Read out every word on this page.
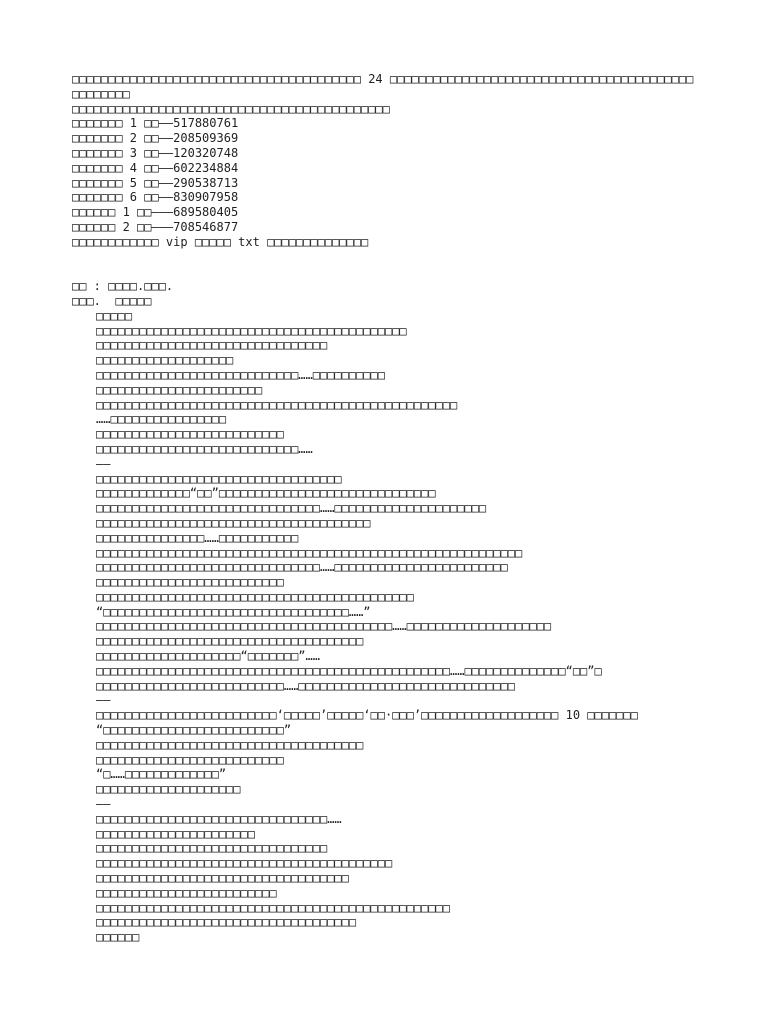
□□□□□□□□□□□□□□□□□□□□□□□□□□□□□□□□□□□□□□□□ 24 □□□□□□□□□□□□□□□□□□□□□□□□□□□□□□□□□□□□□□□□□□
□□□□□□□□
□□□□□□□□□□□□□□□□□□□□□□□□□□□□□□□□□□□□□□□□□□□□
□□□□□□□ 1 □□——517880761
□□□□□□□ 2 □□——208509369
□□□□□□□ 3 □□——120320748
□□□□□□□ 4 □□——602234884
□□□□□□□ 5 □□——290538713
□□□□□□□ 6 □□——830907958
□□□□□□ 1 □□———689580405
□□□□□□ 2 □□———708546877
□□□□□□□□□□□□ vip □□□□□ txt □□□□□□□□□□□□□□
□□ : □□□□.□□□.
□□□.  □□□□□
□□□□□
□□□□□□□□□□□□□□□□□□□□□□□□□□□□□□□□□□□□□□□□□□□
□□□□□□□□□□□□□□□□□□□□□□□□□□□□□□□□
□□□□□□□□□□□□□□□□□□□
□□□□□□□□□□□□□□□□□□□□□□□□□□□□……□□□□□□□□□□
□□□□□□□□□□□□□□□□□□□□□□□
□□□□□□□□□□□□□□□□□□□□□□□□□□□□□□□□□□□□□□□□□□□□□□□□□□
……□□□□□□□□□□□□□□□□
□□□□□□□□□□□□□□□□□□□□□□□□□□
□□□□□□□□□□□□□□□□□□□□□□□□□□□□……
——
□□□□□□□□□□□□□□□□□□□□□□□□□□□□□□□□□□
□□□□□□□□□□□□□“□□”□□□□□□□□□□□□□□□□□□□□□□□□□□□□□□
□□□□□□□□□□□□□□□□□□□□□□□□□□□□□□□……□□□□□□□□□□□□□□□□□□□□□
□□□□□□□□□□□□□□□□□□□□□□□□□□□□□□□□□□□□□□
□□□□□□□□□□□□□□□……□□□□□□□□□□□
□□□□□□□□□□□□□□□□□□□□□□□□□□□□□□□□□□□□□□□□□□□□□□□□□□□□□□□□□□□
□□□□□□□□□□□□□□□□□□□□□□□□□□□□□□□……□□□□□□□□□□□□□□□□□□□□□□□□
□□□□□□□□□□□□□□□□□□□□□□□□□□
□□□□□□□□□□□□□□□□□□□□□□□□□□□□□□□□□□□□□□□□□□□□
“□□□□□□□□□□□□□□□□□□□□□□□□□□□□□□□□□□……”
□□□□□□□□□□□□□□□□□□□□□□□□□□□□□□□□□□□□□□□□□……□□□□□□□□□□□□□□□□□□□□
□□□□□□□□□□□□□□□□□□□□□□□□□□□□□□□□□□□□□
□□□□□□□□□□□□□□□□□□□□“□□□□□□□”……
□□□□□□□□□□□□□□□□□□□□□□□□□□□□□□□□□□□□□□□□□□□□□□□□□……□□□□□□□□□□□□□□“□□”□
□□□□□□□□□□□□□□□□□□□□□□□□□□……□□□□□□□□□□□□□□□□□□□□□□□□□□□□□□
——
□□□□□□□□□□□□□□□□□□□□□□□□□‘□□□□□’□□□□□‘□□·□□□’□□□□□□□□□□□□□□□□□□□ 10 □□□□□□□
“□□□□□□□□□□□□□□□□□□□□□□□□□”
□□□□□□□□□□□□□□□□□□□□□□□□□□□□□□□□□□□□□
□□□□□□□□□□□□□□□□□□□□□□□□□□
“□……□□□□□□□□□□□□□”
□□□□□□□□□□□□□□□□□□□□
——
□□□□□□□□□□□□□□□□□□□□□□□□□□□□□□□□……
□□□□□□□□□□□□□□□□□□□□□□
□□□□□□□□□□□□□□□□□□□□□□□□□□□□□□□□
□□□□□□□□□□□□□□□□□□□□□□□□□□□□□□□□□□□□□□□□□
□□□□□□□□□□□□□□□□□□□□□□□□□□□□□□□□□□□
□□□□□□□□□□□□□□□□□□□□□□□□□
□□□□□□□□□□□□□□□□□□□□□□□□□□□□□□□□□□□□□□□□□□□□□□□□□
□□□□□□□□□□□□□□□□□□□□□□□□□□□□□□□□□□□□
□□□□□□
